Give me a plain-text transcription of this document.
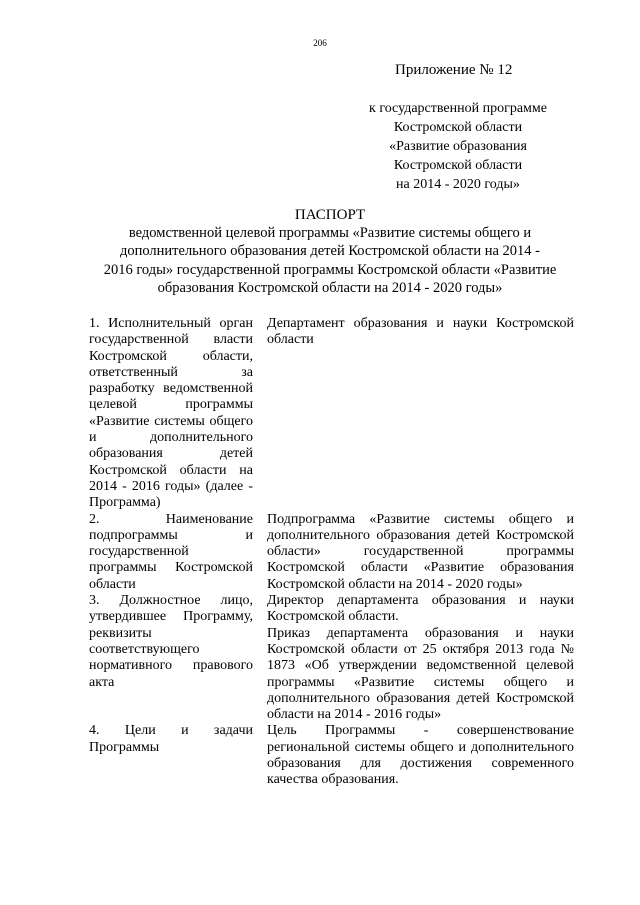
206
Приложение № 12
к государственной программе
Костромской области
«Развитие образования
Костромской области
на 2014 - 2020 годы»
ПАСПОРТ
ведомственной целевой программы «Развитие системы общего и
дополнительного образования детей Костромской области на 2014 -
2016 годы» государственной программы Костромской области «Развитие
образования Костромской области на 2014 - 2020 годы»
1. Исполнительный орган государственной власти Костромской области, ответственный за разработку ведомственной целевой программы «Развитие системы общего и дополнительного образования детей Костромской области на 2014 - 2016 годы» (далее - Программа)

Департамент образования и науки Костромской области

2. Наименование подпрограммы и государственной программы Костромской области

Подпрограмма «Развитие системы общего и дополнительного образования детей Костромской области» государственной программы Костромской области «Развитие образования Костромской области на 2014 - 2020 годы»

3. Должностное лицо, утвердившее Программу, реквизиты соответствующего нормативного правового акта

Директор департамента образования и науки Костромской области.

Приказ департамента образования и науки Костромской области от 25 октября 2013 года № 1873 «Об утверждении ведомственной целевой программы «Развитие системы общего и дополнительного образования детей Костромской области на 2014 - 2016 годы»

4. Цели и задачи Программы

Цель Программы - совершенствование региональной системы общего и дополнительного образования для достижения современного качества образования.
